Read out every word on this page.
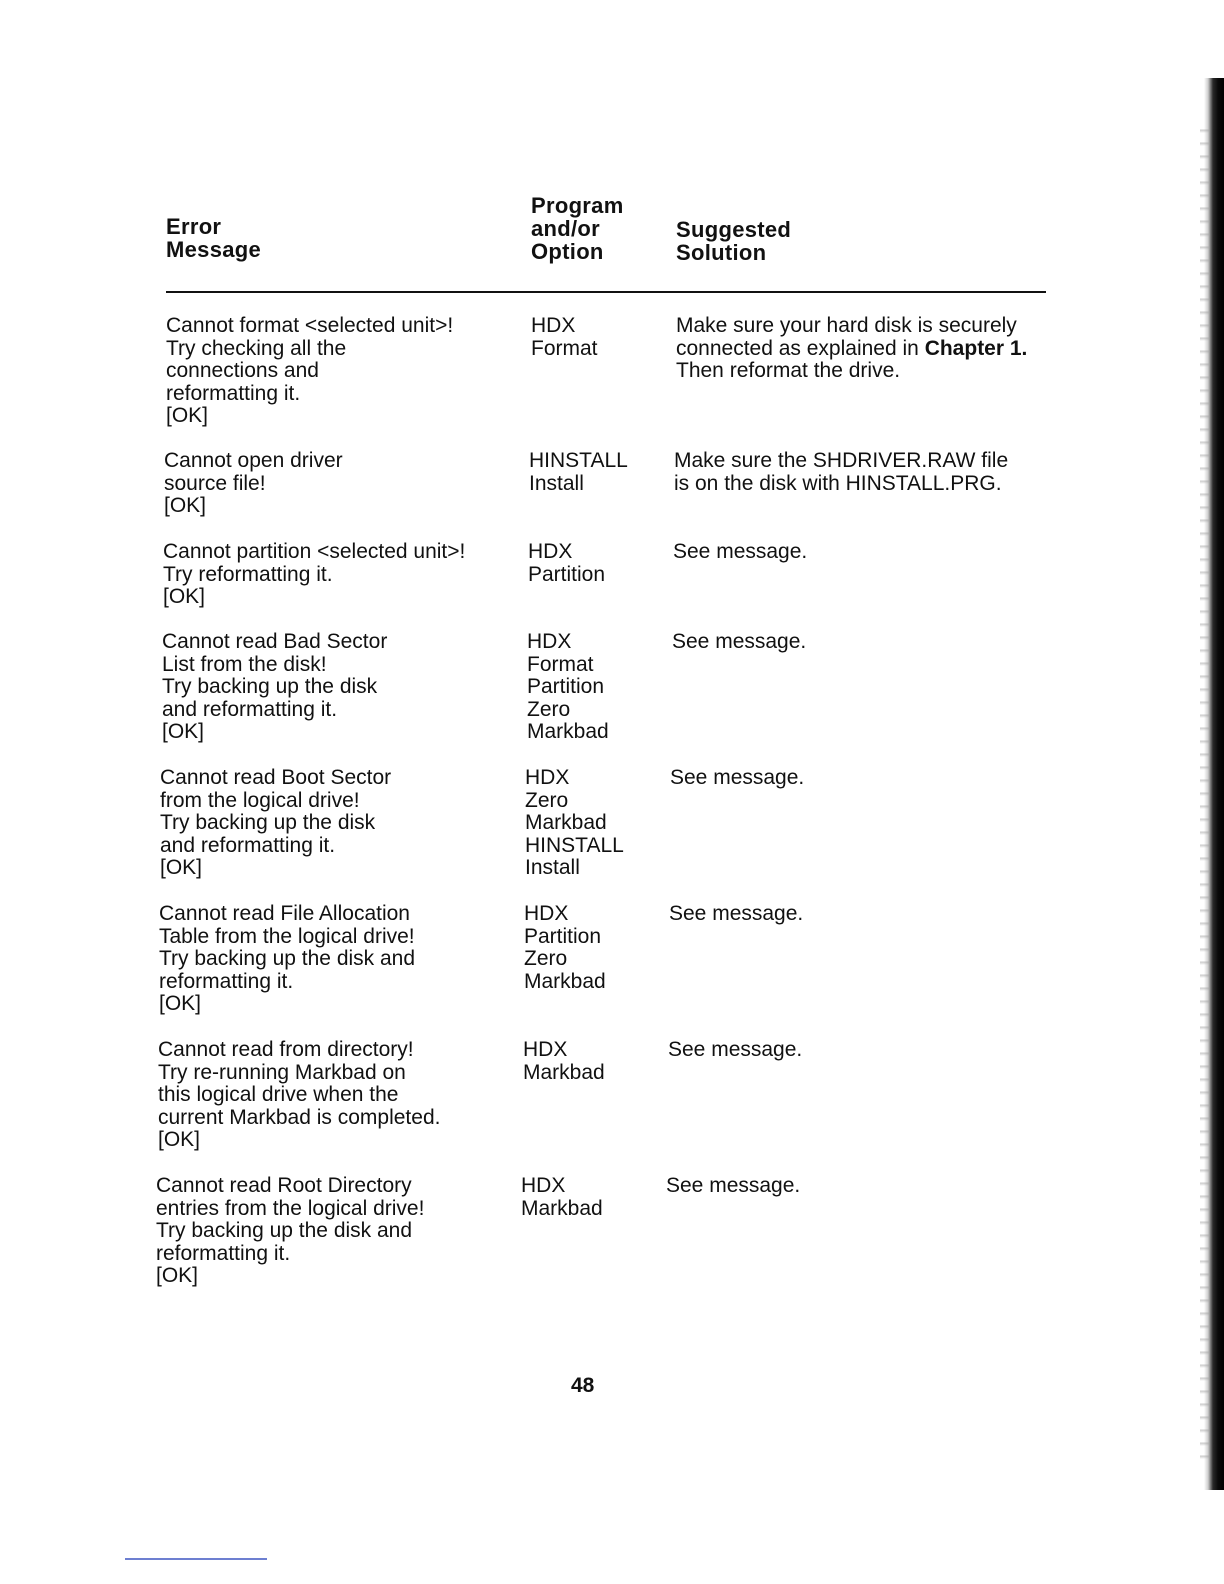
Error
Message
Program
and/or
Option
Suggested
Solution
Cannot format <selected unit>!
Try checking all the
connections and
reformatting it.
[OK]
HDX
Format
Make sure your hard disk is securely
connected as explained in Chapter 1.
Then reformat the drive.
Cannot open driver
source file!
[OK]
HINSTALL
Install
Make sure the SHDRIVER.RAW file
is on the disk with HINSTALL.PRG.
Cannot partition <selected unit>!
Try reformatting it.
[OK]
HDX
Partition
See message.
Cannot read Bad Sector
List from the disk!
Try backing up the disk
and reformatting it.
[OK]
HDX
Format
Partition
Zero
Markbad
See message.
Cannot read Boot Sector
from the logical drive!
Try backing up the disk
and reformatting it.
[OK]
HDX
Zero
Markbad
HINSTALL
Install
See message.
Cannot read File Allocation
Table from the logical drive!
Try backing up the disk and
reformatting it.
[OK]
HDX
Partition
Zero
Markbad
See message.
Cannot read from directory!
Try re-running Markbad on
this logical drive when the
current Markbad is completed.
[OK]
HDX
Markbad
See message.
Cannot read Root Directory
entries from the logical drive!
Try backing up the disk and
reformatting it.
[OK]
HDX
Markbad
See message.
48
